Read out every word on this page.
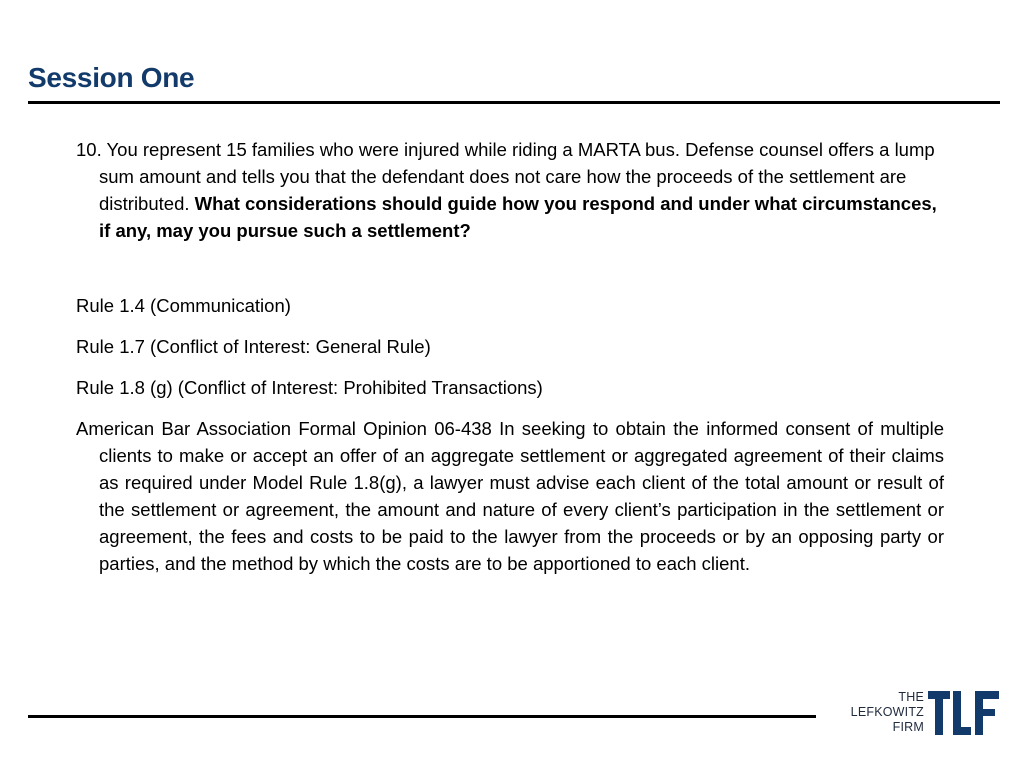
Session One

10. You represent 15 families who were injured while riding a MARTA bus. Defense counsel offers a lump sum amount and tells you that the defendant does not care how the proceeds of the settlement are distributed. What considerations should guide how you respond and under what circumstances, if any, may you pursue such a settlement?

Rule 1.4 (Communication)

Rule 1.7 (Conflict of Interest: General Rule)

Rule 1.8 (g) (Conflict of Interest: Prohibited Transactions)

American Bar Association Formal Opinion 06-438 In seeking to obtain the informed consent of multiple clients to make or accept an offer of an aggregate settlement or aggregated agreement of their claims as required under Model Rule 1.8(g), a lawyer must advise each client of the total amount or result of the settlement or agreement, the amount and nature of every client’s participation in the settlement or agreement, the fees and costs to be paid to the lawyer from the proceeds or by an opposing party or parties, and the method by which the costs are to be apportioned to each client.

THE
LEFKOWITZ
FIRM
